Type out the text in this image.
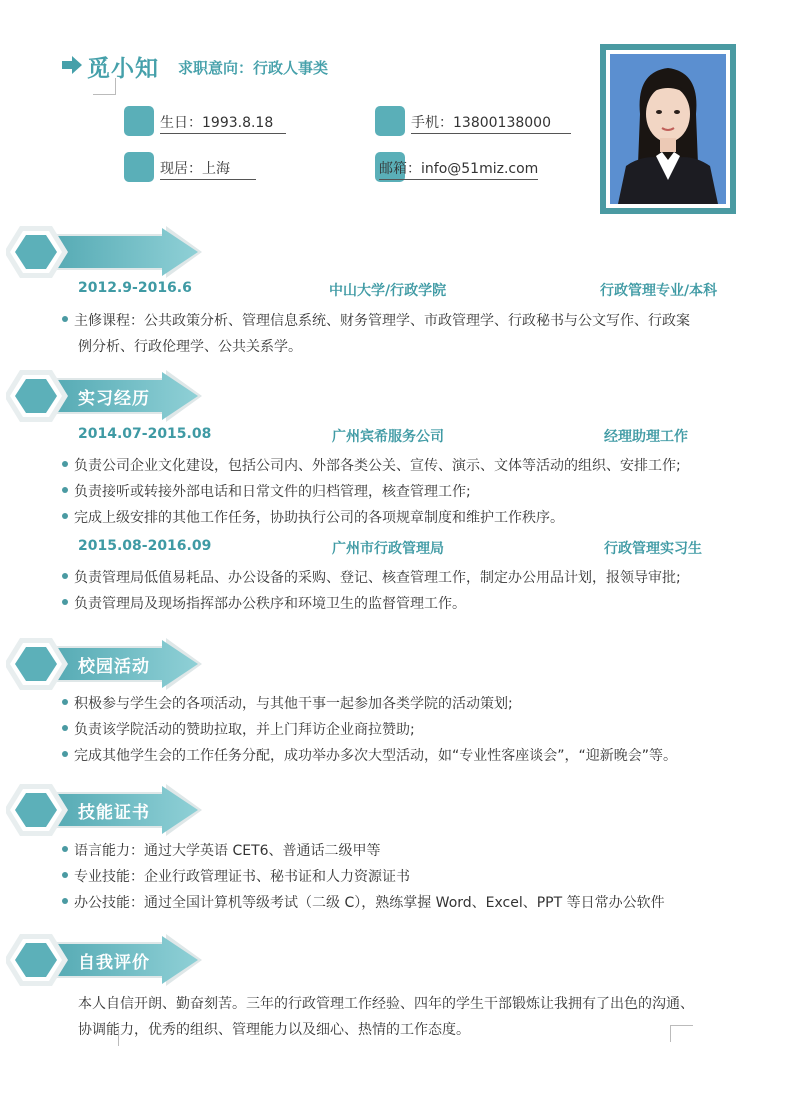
觅小知 求职意向：行政人事类
生日：1993.8.18	手机：13800138000
现居：上海	邮箱：info@51miz.com
2012.9-2016.6	中山大学/行政学院	行政管理专业/本科
主修课程：公共政策分析、管理信息系统、财务管理学、市政管理学、行政秘书与公文写作、行政案
例分析、行政伦理学、公共关系学。
实习经历
2014.07-2015.08	广州宾希服务公司	经理助理工作
负责公司企业文化建设，包括公司内、外部各类公关、宣传、演示、文体等活动的组织、安排工作;
负责接听或转接外部电话和日常文件的归档管理，核查管理工作;
完成上级安排的其他工作任务，协助执行公司的各项规章制度和维护工作秩序。
2015.08-2016.09	广州市行政管理局	行政管理实习生
负责管理局低值易耗品、办公设备的采购、登记、核查管理工作，制定办公用品计划，报领导审批;
负责管理局及现场指挥部办公秩序和环境卫生的监督管理工作。
校园活动
积极参与学生会的各项活动，与其他干事一起参加各类学院的活动策划;
负责该学院活动的赞助拉取，并上门拜访企业商拉赞助;
完成其他学生会的工作任务分配，成功举办多次大型活动，如“专业性客座谈会”，“迎新晚会”等。
技能证书
语言能力：通过大学英语 CET6、普通话二级甲等
专业技能：企业行政管理证书、秘书证和人力资源证书
办公技能：通过全国计算机等级考试（二级 C），熟练掌握 Word、Excel、PPT 等日常办公软件
自我评价
本人自信开朗、勤奋刻苦。三年的行政管理工作经验、四年的学生干部锻炼让我拥有了出色的沟通、
协调能力，优秀的组织、管理能力以及细心、热情的工作态度。
